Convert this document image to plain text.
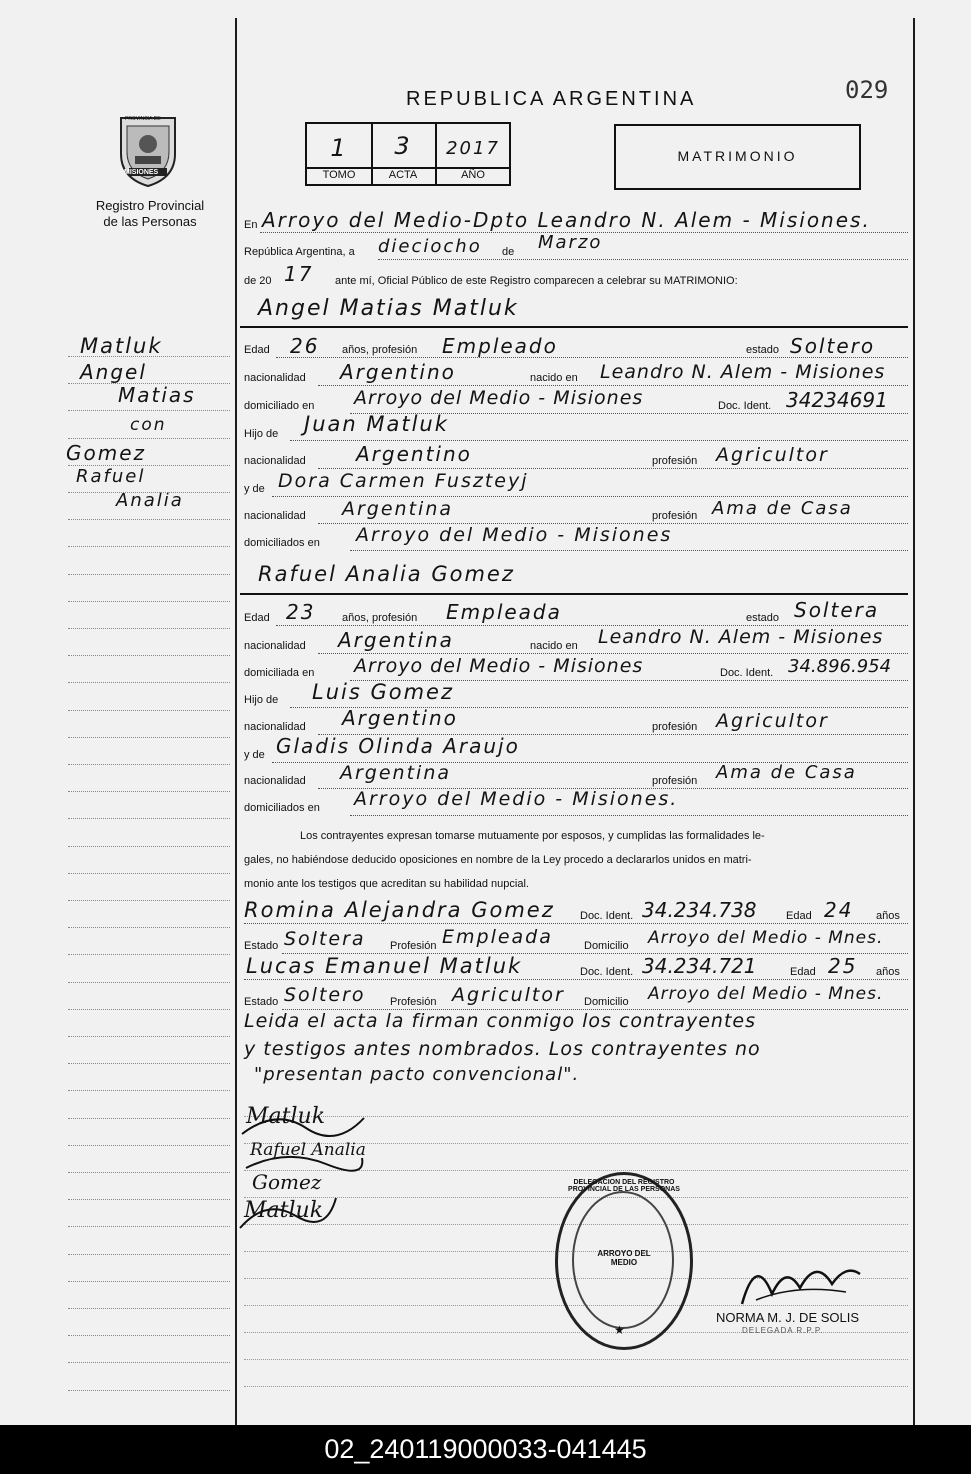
PROVINCIA DE
MISIONES
Registro Provincial
de las Personas
Matluk
Angel
Matias
con
Gomez
Rafuel
Analia
REPUBLICA ARGENTINA	029
1	3	2017
TOMO	ACTA	AÑO
MATRIMONIO
En Arroyo del Medio-Dpto Leandro N. Alem - Misiones.
República Argentina, a dieciocho de Marzo
de 20 17 ante mí, Oficial Público de este Registro comparecen a celebrar su MATRIMONIO:
Angel Matias Matluk
Edad 26 años, profesión Empleado	estado Soltero
nacionalidad Argentino	nacido en Leandro N. Alem - Misiones
domiciliado en Arroyo del Medio - Misiones	Doc. Ident. 34234691
Hijo de Juan Matluk
nacionalidad	Argentino	profesión Agricultor
y de Dora Carmen Fuszteyj
nacionalidad Argentina	profesión Ama de Casa
domiciliados en Arroyo del Medio - Misiones
Rafuel Analia Gomez
Edad 23 años, profesión Empleada	estado Soltera
nacionalidad Argentina	nacido en Leandro N. Alem - Misiones
domiciliada en Arroyo del Medio - Misiones	Doc. Ident. 34.896.954
Hijo de Luis Gomez
nacionalidad Argentino	profesión Agricultor
y de Gladis Olinda Araujo
nacionalidad Argentina	profesión Ama de Casa
domiciliados en Arroyo del Medio - Misiones.
Los contrayentes expresan tomarse mutuamente por esposos, y cumplidas las formalidades le-
gales, no habiéndose deducido oposiciones en nombre de la Ley procedo a declararlos unidos en matri-
monio ante los testigos que acreditan su habilidad nupcial.
Romina Alejandra Gomez Doc. Ident. 34.234.738	Edad 24 años
Estado Soltera Profesión Empleada	Domicilio Arroyo del Medio - Mnes.
Lucas Emanuel Matluk	Doc. Ident. 34.234.721	Edad 25 años
Estado Soltero Profesión Agricultor Domicilio Arroyo del Medio - Mnes.
Leida el acta la firman conmigo los contrayentes
y testigos antes nombrados. Los contrayentes no
"presentan pacto convencional".
Matluk
Rafuel Analia
Gomez
Matluk
DELEGACION DEL REGISTRO PROVINCIAL DE LAS PERSONAS
ARROYO DEL MEDIO
★
NORMA M. J. DE SOLIS
DELEGADA R.P.P.
02_240119000033-041445
